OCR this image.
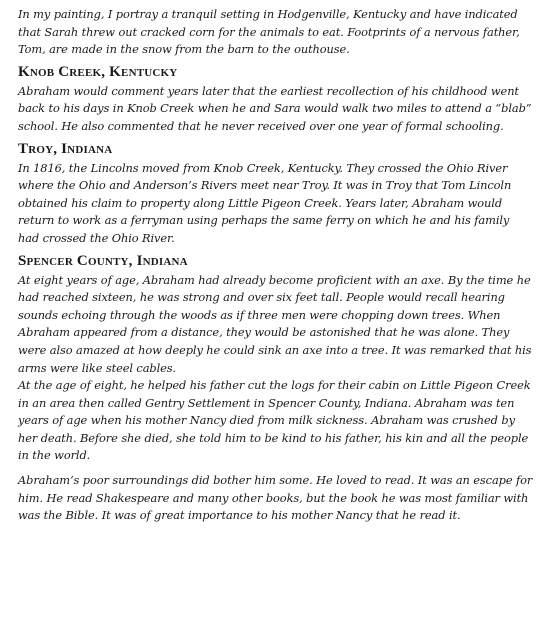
In my painting, I portray a tranquil setting in Hodgenville, Kentucky and have indicated that Sarah threw out cracked corn for the animals to eat. Footprints of a nervous father, Tom, are made in the snow from the barn to the outhouse.

Knob Creek, Kentucky

Abraham would comment years later that the earliest recollection of his childhood went back to his days in Knob Creek when he and Sara would walk two miles to attend a “blab” school. He also commented that he never received over one year of formal schooling.

Troy, Indiana

In 1816, the Lincolns moved from Knob Creek, Kentucky. They crossed the Ohio River where the Ohio and Anderson’s Rivers meet near Troy. It was in Troy that Tom Lincoln obtained his claim to property along Little Pigeon Creek. Years later, Abraham would return to work as a ferryman using perhaps the same ferry on which he and his family had crossed the Ohio River.

Spencer County, Indiana

At eight years of age, Abraham had already become proficient with an axe. By the time he had reached sixteen, he was strong and over six feet tall. People would recall hearing sounds echoing through the woods as if three men were chopping down trees. When Abraham appeared from a distance, they would be astonished that he was alone. They were also amazed at how deeply he could sink an axe into a tree. It was remarked that his arms were like steel cables.

At the age of eight, he helped his father cut the logs for their cabin on Little Pigeon Creek in an area then called Gentry Settlement in Spencer County, Indiana. Abraham was ten years of age when his mother Nancy died from milk sickness. Abraham was crushed by her death. Before she died, she told him to be kind to his father, his kin and all the people in the world.

Abraham’s poor surroundings did bother him some. He loved to read. It was an escape for him. He read Shakespeare and many other books, but the book he was most familiar with was the Bible. It was of great importance to his mother Nancy that he read it.
